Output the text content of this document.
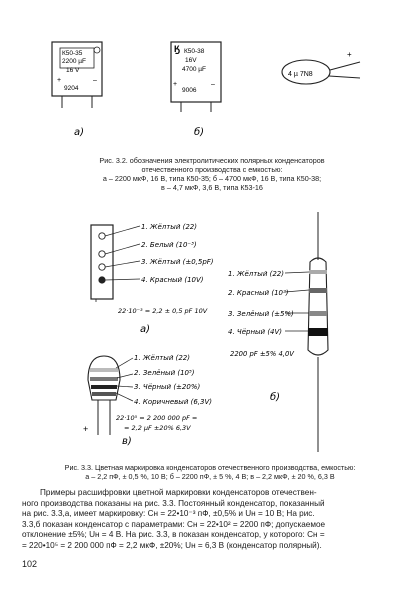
К50-35
2200 µF
16 V
+
9204
–
а)
Ӄ К50-38
16V
4700 µF
+
9006
–
б)
4 µ 7N8
+
1. Жёлтый (22)
2. Белый (10⁻³)
3. Жёлтый (±0,5pF)
4. Красный (10V)
22·10⁻³ = 2,2 ± 0,5 pF 10V
а)
+
1. Жёлтый (22)
2. Зелёный (10⁵)
3. Чёрный (±20%)
4. Коричневый (6,3V)
22·10⁵ = 2 200 000 pF =
= 2,2 µF ±20% 6,3V
в)
1. Жёлтый (22)
2. Красный (10²)
3. Зелёный (±5%)
4. Чёрный (4V)
2200 pF ±5% 4,0V
б)
Рис. 3.2. обозначения электролитических полярных конденсаторов
отечественного производства с емкостью:
а – 2200 мкФ, 16 В, типа К50-35; б – 4700 мкФ, 16 В, типа К50-38;
в – 4,7 мкФ, 3,6 В, типа К53-16
Рис. 3.3. Цветная маркировка конденсаторов отечественного производства, емкостью:
а – 2,2 пФ, ± 0,5 %, 10 В; б – 2200 пФ, ± 5 %, 4 В; в – 2,2 мкФ, ± 20 %, 6,3 В
Примеры расшифровки цветной маркировки конденсаторов отечествен-
ного производства показаны на рис. 3.3. Постоянный конденсатор, показанный
на рис. 3.3,а, имеет маркировку: Сн = 22•10⁻³ пФ, ±0,5% и Uн = 10 В; На рис.
3.3,б показан конденсатор с параметрами: Сн = 22•10² = 2200 пФ; допускаемое
отклонение ±5%; Uн = 4 В. На рис. 3.3, в показан конденсатор, у которого: Сн =
= 220•10⁵ = 2 200 000 пФ = 2,2 мкФ, ±20%; Uн = 6,3 В (конденсатор полярный).
102
